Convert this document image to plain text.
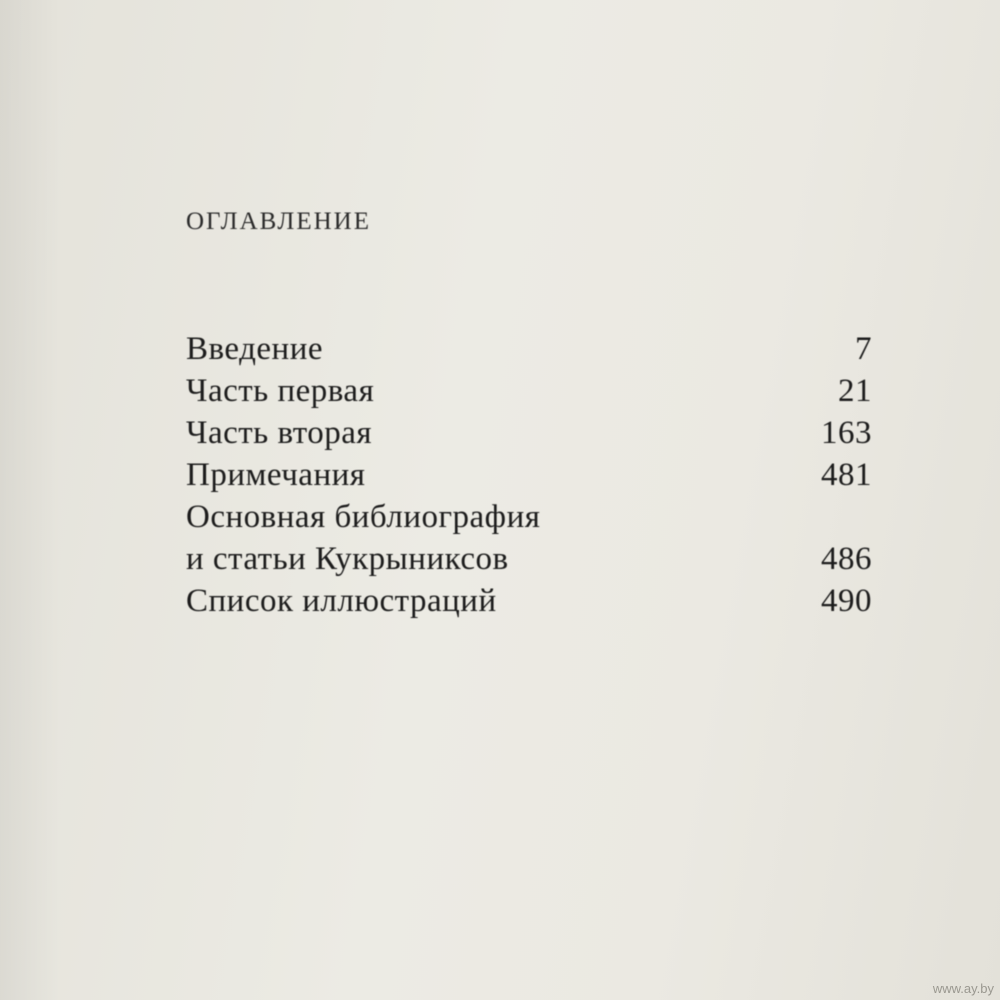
ОГЛАВЛЕНИЕ
Введение	7
Часть первая	21
Часть вторая	163
Примечания	481
Основная библиография
и статьи Кукрыниксов	486
Список иллюстраций	490
www.ay.by
